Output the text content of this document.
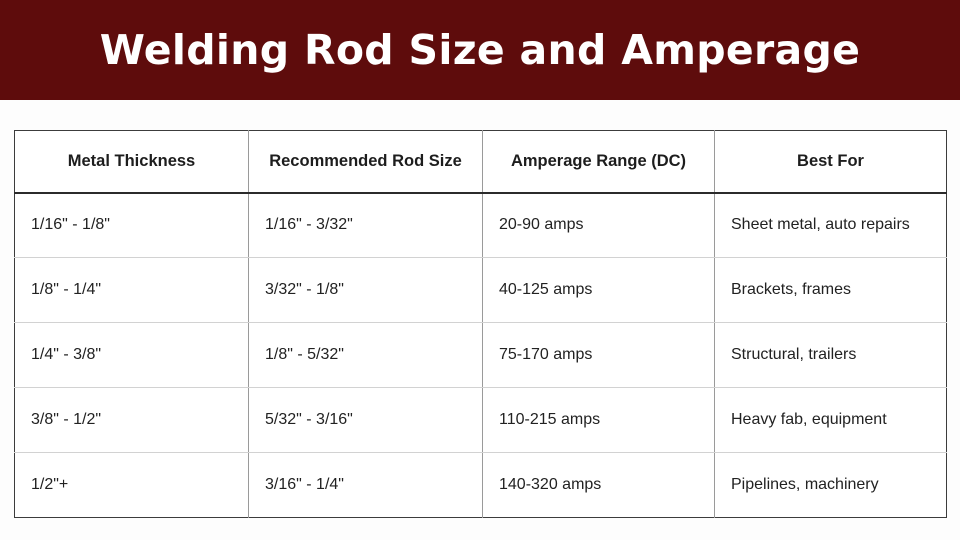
Welding Rod Size and Amperage
Metal Thickness	Recommended Rod Size	Amperage Range (DC)	Best For
1/16" - 1/8"	1/16" - 3/32"	20-90 amps	Sheet metal, auto repairs
1/8" - 1/4"	3/32" - 1/8"	40-125 amps	Brackets, frames
1/4" - 3/8"	1/8" - 5/32"	75-170 amps	Structural, trailers
3/8" - 1/2"	5/32" - 3/16"	110-215 amps	Heavy fab, equipment
1/2"+	3/16" - 1/4"	140-320 amps	Pipelines, machinery
